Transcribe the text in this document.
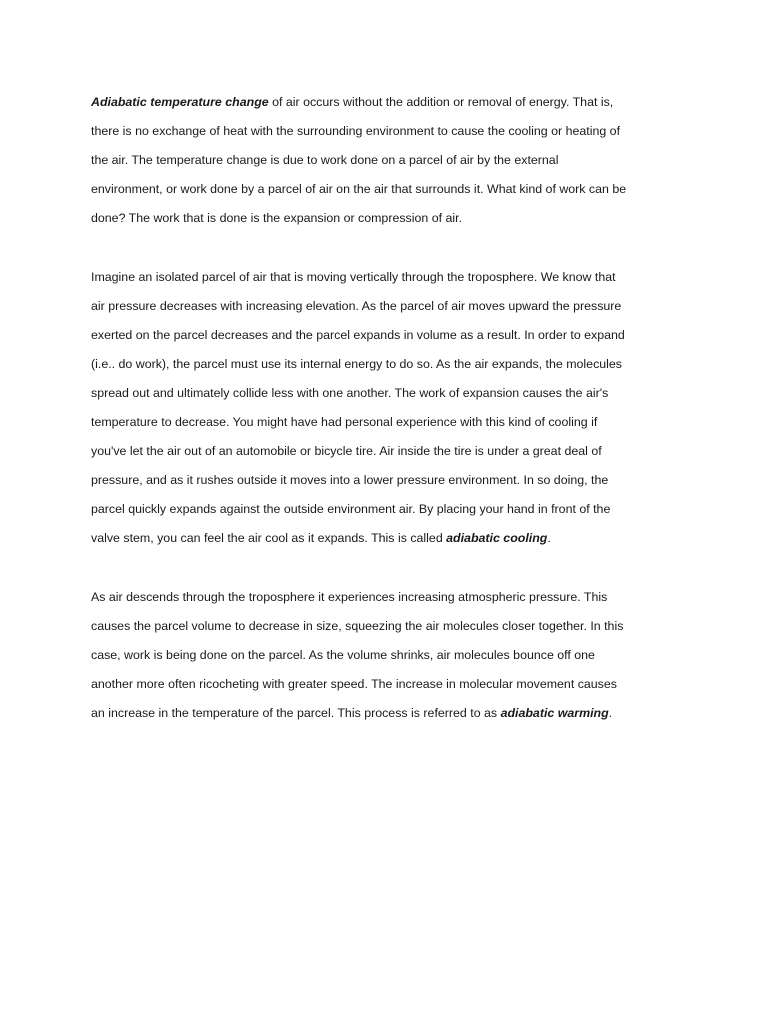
Adiabatic temperature change of air occurs without the addition or removal of energy. That is, there is no exchange of heat with the surrounding environment to cause the cooling or heating of the air. The temperature change is due to work done on a parcel of air by the external environment, or work done by a parcel of air on the air that surrounds it. What kind of work can be done? The work that is done is the expansion or compression of air.

Imagine an isolated parcel of air that is moving vertically through the troposphere. We know that air pressure decreases with increasing elevation. As the parcel of air moves upward the pressure exerted on the parcel decreases and the parcel expands in volume as a result. In order to expand (i.e.. do work), the parcel must use its internal energy to do so. As the air expands, the molecules spread out and ultimately collide less with one another. The work of expansion causes the air's temperature to decrease. You might have had personal experience with this kind of cooling if you've let the air out of an automobile or bicycle tire. Air inside the tire is under a great deal of pressure, and as it rushes outside it moves into a lower pressure environment. In so doing, the parcel quickly expands against the outside environment air. By placing your hand in front of the valve stem, you can feel the air cool as it expands. This is called adiabatic cooling.

As air descends through the troposphere it experiences increasing atmospheric pressure. This causes the parcel volume to decrease in size, squeezing the air molecules closer together. In this case, work is being done on the parcel. As the volume shrinks, air molecules bounce off one another more often ricocheting with greater speed. The increase in molecular movement causes an increase in the temperature of the parcel. This process is referred to as adiabatic warming.
